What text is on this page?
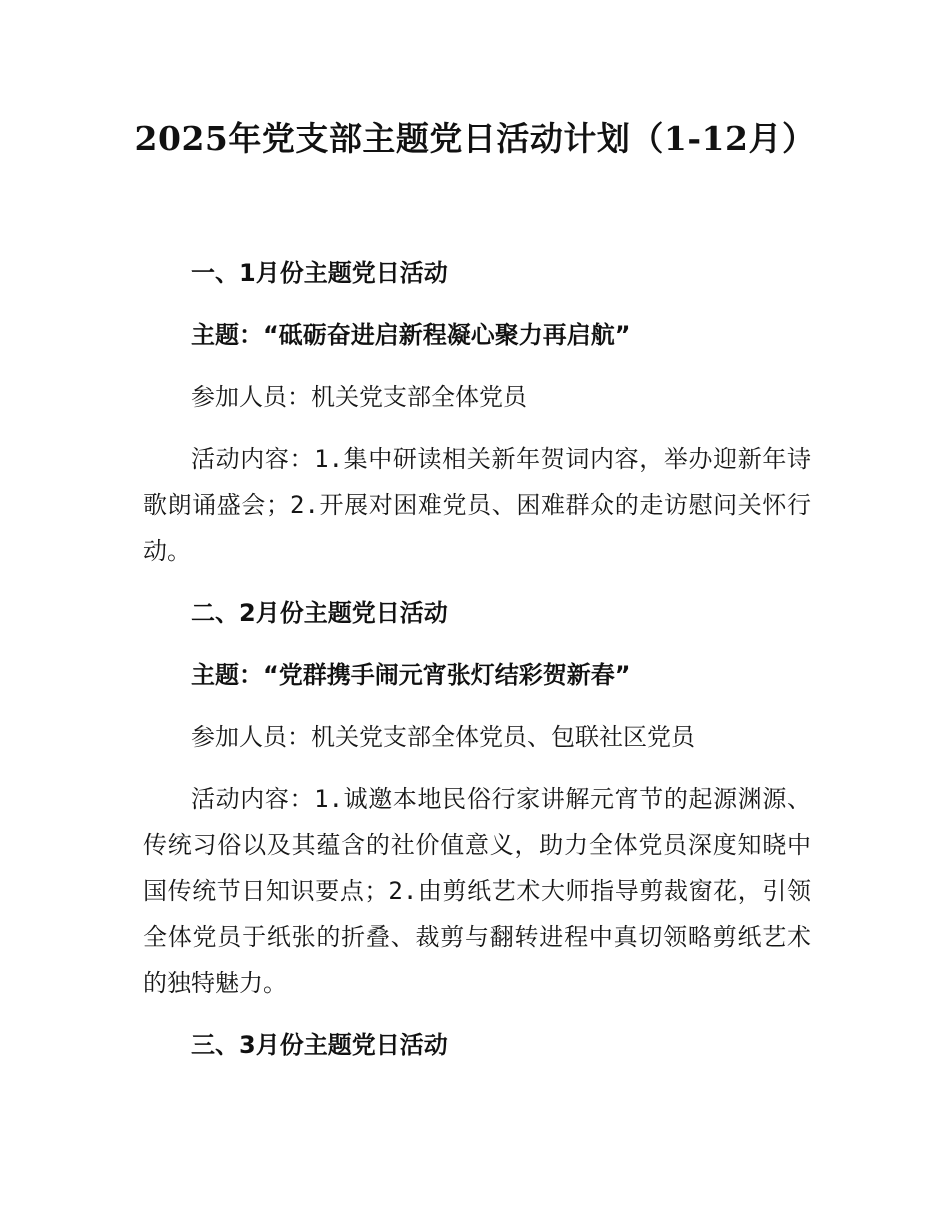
2025年党支部主题党日活动计划（1-12月）

一、1月份主题党日活动

主题：“砥砺奋进启新程凝心聚力再启航”

参加人员：机关党支部全体党员

活动内容：1.集中研读相关新年贺词内容，举办迎新年诗歌朗诵盛会；2.开展对困难党员、困难群众的走访慰问关怀行动。

二、2月份主题党日活动

主题：“党群携手闹元宵张灯结彩贺新春”

参加人员：机关党支部全体党员、包联社区党员

活动内容：1.诚邀本地民俗行家讲解元宵节的起源渊源、传统习俗以及其蕴含的社价值意义，助力全体党员深度知晓中国传统节日知识要点；2.由剪纸艺术大师指导剪裁窗花，引领全体党员于纸张的折叠、裁剪与翻转进程中真切领略剪纸艺术的独特魅力。

三、3月份主题党日活动
